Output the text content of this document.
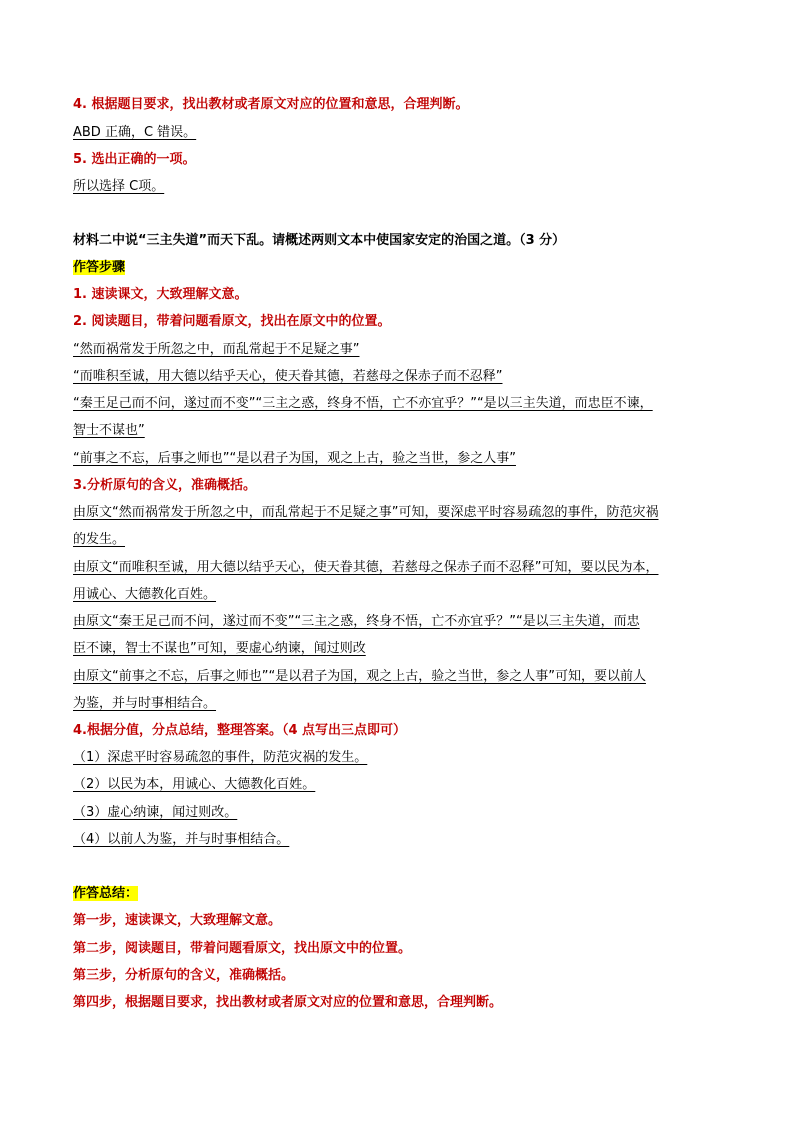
4. 根据题目要求，找出教材或者原文对应的位置和意思，合理判断。
ABD 正确，C 错误。
5. 选出正确的一项。
所以选择 C项。
材料二中说“三主失道”而天下乱。请概述两则文本中使国家安定的治国之道。（3 分）
作答步骤
1. 速读课文，大致理解文意。
2. 阅读题目，带着问题看原文，找出在原文中的位置。
“然而祸常发于所忽之中，而乱常起于不足疑之事”
“而唯积至诚，用大德以结乎天心，使天眷其德，若慈母之保赤子而不忍释”
“秦王足己而不问，遂过而不变”“三主之惑，终身不悟，亡不亦宜乎？”“是以三主失道，而忠臣不谏，
智士不谋也”
“前事之不忘，后事之师也”“是以君子为国，观之上古，验之当世，参之人事”
3.分析原句的含义，准确概括。
由原文“然而祸常发于所忽之中，而乱常起于不足疑之事”可知，要深虑平时容易疏忽的事件，防范灾祸
的发生。
由原文“而唯积至诚，用大德以结乎天心，使天眷其德，若慈母之保赤子而不忍释”可知，要以民为本，
用诚心、大德教化百姓。
由原文“秦王足己而不问，遂过而不变”“三主之惑，终身不悟，亡不亦宜乎？”“是以三主失道，而忠
臣不谏，智士不谋也”可知，要虚心纳谏，闻过则改
由原文“前事之不忘，后事之师也”“是以君子为国，观之上古，验之当世，参之人事”可知，要以前人
为鉴，并与时事相结合。
4.根据分值，分点总结，整理答案。（4 点写出三点即可）
（1）深虑平时容易疏忽的事件，防范灾祸的发生。
（2）以民为本，用诚心、大德教化百姓。
（3）虚心纳谏，闻过则改。
（4）以前人为鉴，并与时事相结合。
作答总结：
第一步，速读课文，大致理解文意。
第二步，阅读题目，带着问题看原文，找出原文中的位置。
第三步，分析原句的含义，准确概括。
第四步，根据题目要求，找出教材或者原文对应的位置和意思，合理判断。
